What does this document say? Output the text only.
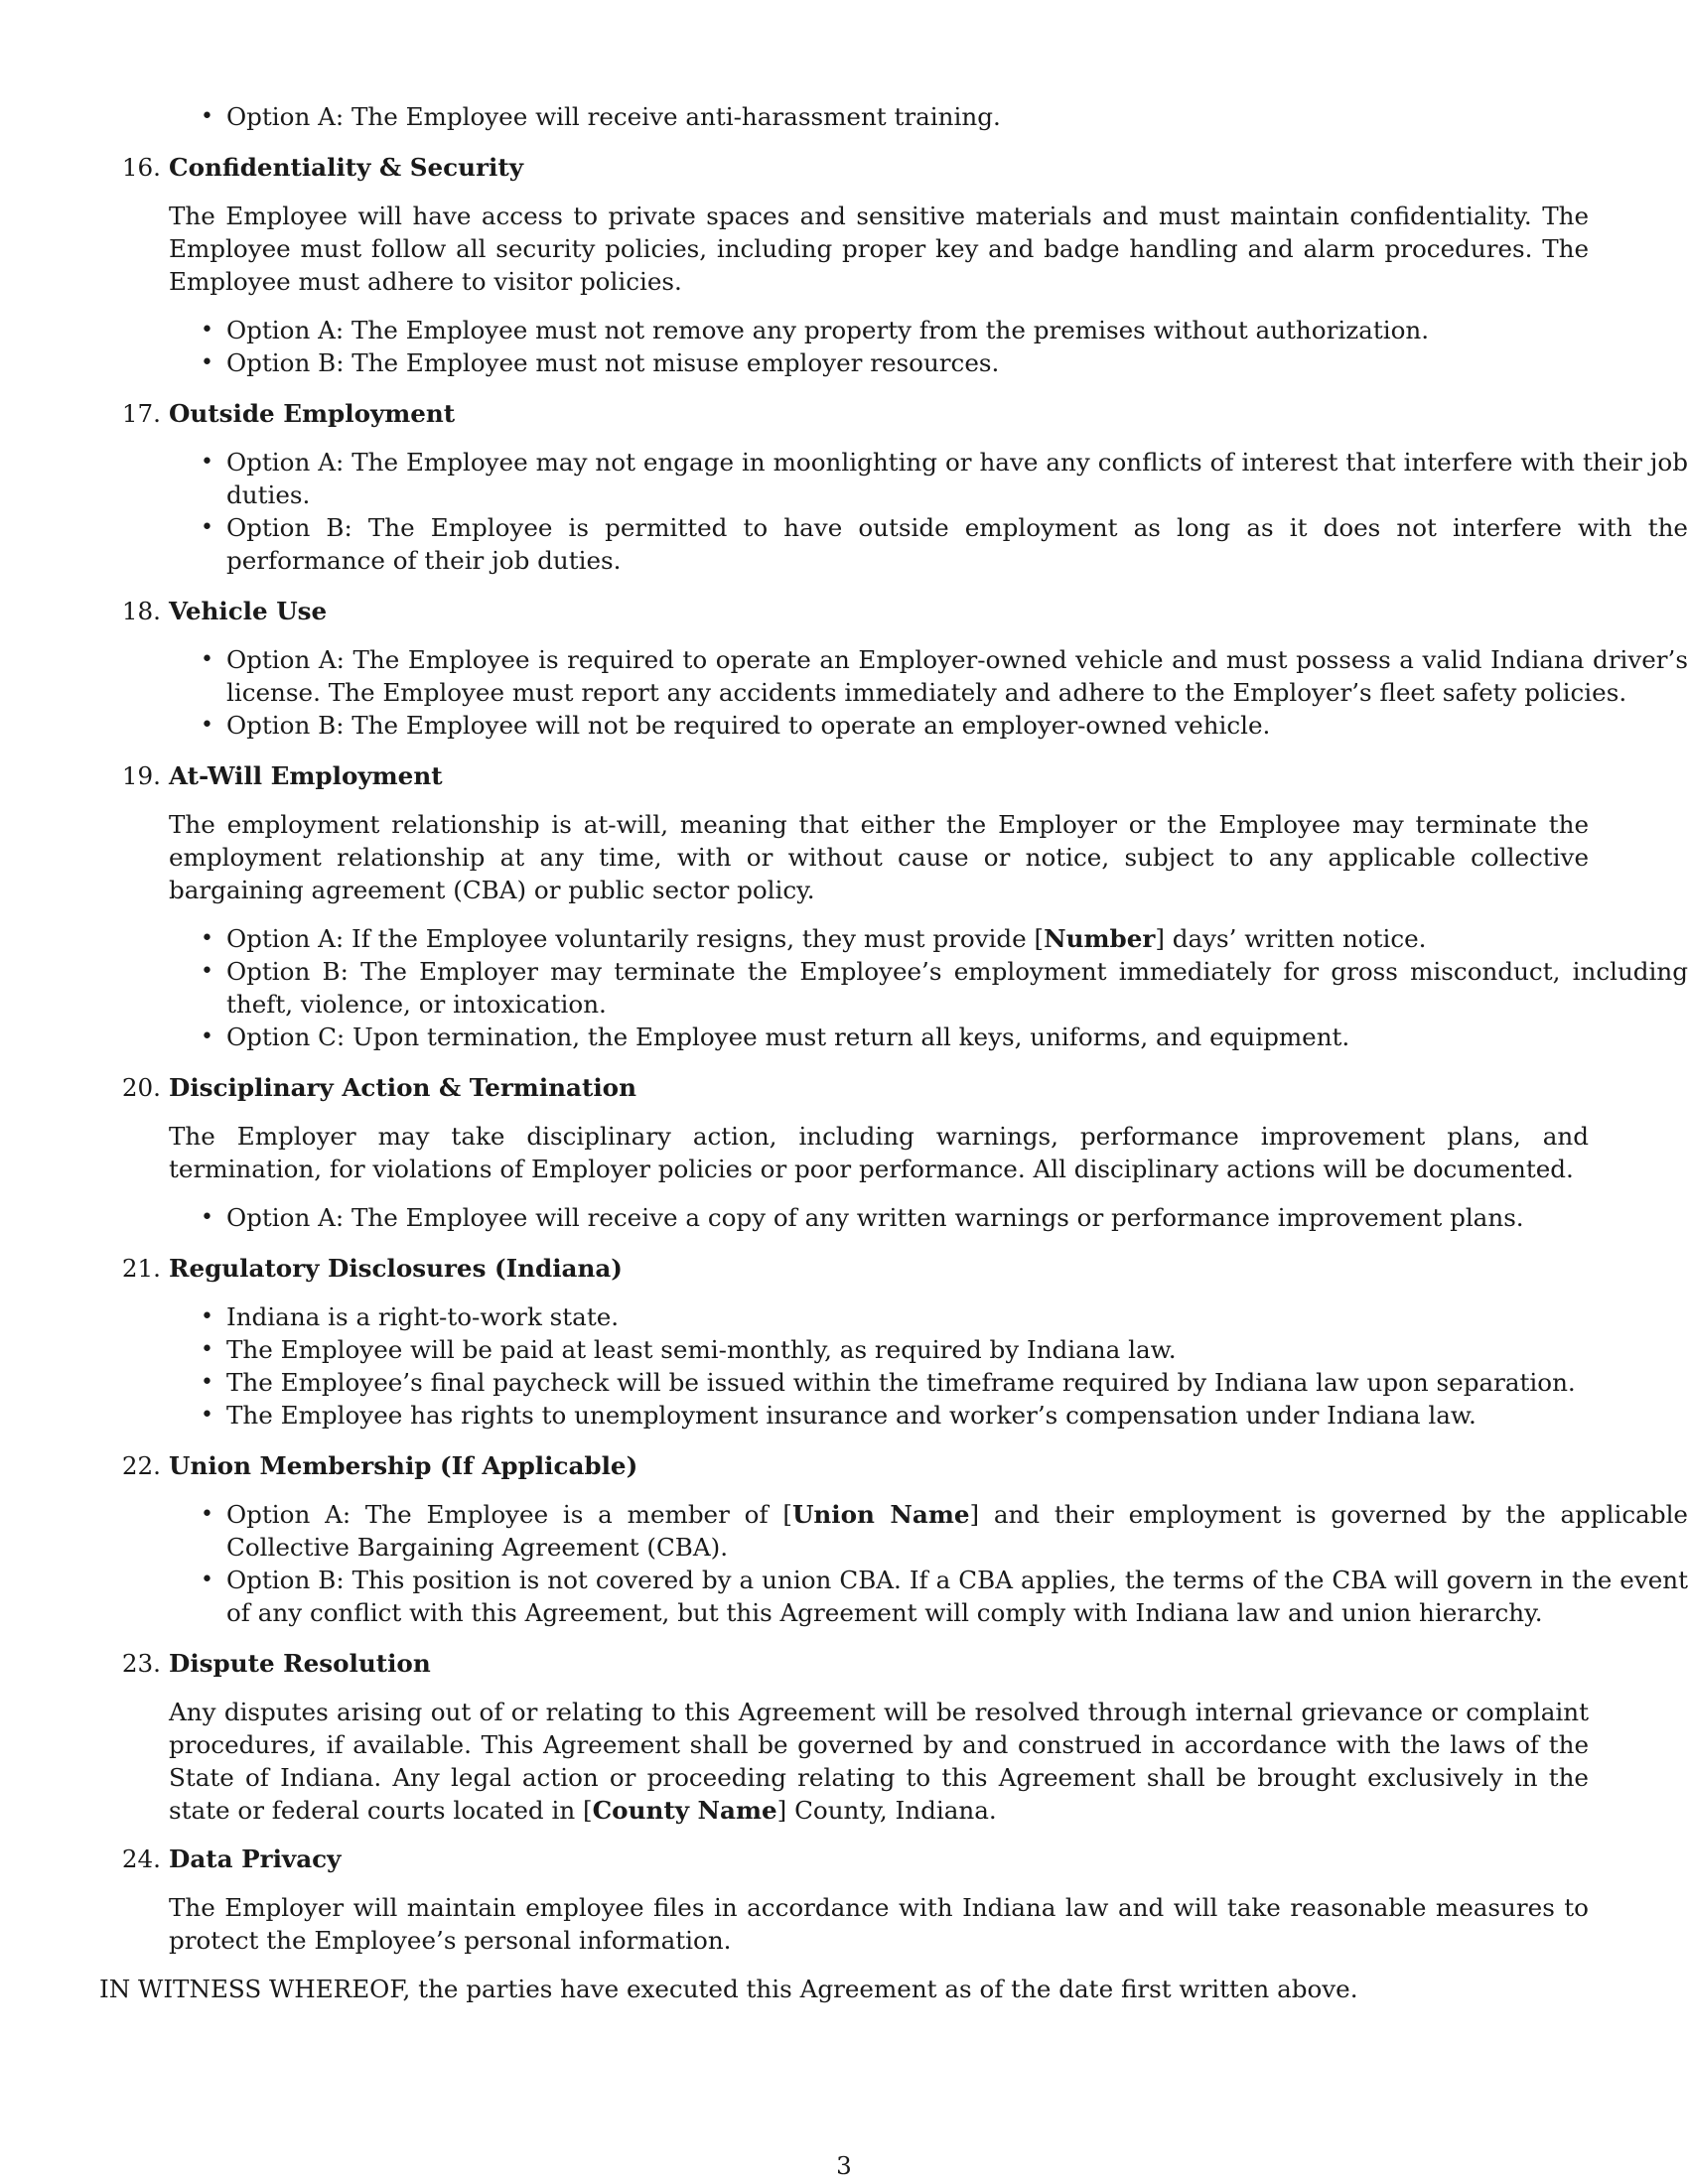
• Option A: The Employee will receive anti-harassment training.
16. Confidentiality & Security
The Employee will have access to private spaces and sensitive materials and must maintain confidentiality. The Employee must follow all security policies, including proper key and badge handling and alarm procedures. The Employee must adhere to visitor policies.
• Option A: The Employee must not remove any property from the premises without authorization.
• Option B: The Employee must not misuse employer resources.
17. Outside Employment
• Option A: The Employee may not engage in moonlighting or have any conflicts of interest that interfere with their job duties.
• Option B: The Employee is permitted to have outside employment as long as it does not interfere with the performance of their job duties.
18. Vehicle Use
• Option A: The Employee is required to operate an Employer-owned vehicle and must possess a valid Indiana driver’s license. The Employee must report any accidents immediately and adhere to the Employer’s fleet safety policies.
• Option B: The Employee will not be required to operate an employer-owned vehicle.
19. At-Will Employment
The employment relationship is at-will, meaning that either the Employer or the Employee may terminate the employment relationship at any time, with or without cause or notice, subject to any applicable collective bargaining agreement (CBA) or public sector policy.
• Option A: If the Employee voluntarily resigns, they must provide [Number] days’ written notice.
• Option B: The Employer may terminate the Employee’s employment immediately for gross misconduct, including theft, violence, or intoxication.
• Option C: Upon termination, the Employee must return all keys, uniforms, and equipment.
20. Disciplinary Action & Termination
The Employer may take disciplinary action, including warnings, performance improvement plans, and termination, for violations of Employer policies or poor performance. All disciplinary actions will be documented.
• Option A: The Employee will receive a copy of any written warnings or performance improvement plans.
21. Regulatory Disclosures (Indiana)
• Indiana is a right-to-work state.
• The Employee will be paid at least semi-monthly, as required by Indiana law.
• The Employee’s final paycheck will be issued within the timeframe required by Indiana law upon separation.
• The Employee has rights to unemployment insurance and worker’s compensation under Indiana law.
22. Union Membership (If Applicable)
• Option A: The Employee is a member of [Union Name] and their employment is governed by the applicable Collective Bargaining Agreement (CBA).
• Option B: This position is not covered by a union CBA. If a CBA applies, the terms of the CBA will govern in the event of any conflict with this Agreement, but this Agreement will comply with Indiana law and union hierarchy.
23. Dispute Resolution
Any disputes arising out of or relating to this Agreement will be resolved through internal grievance or complaint procedures, if available. This Agreement shall be governed by and construed in accordance with the laws of the State of Indiana. Any legal action or proceeding relating to this Agreement shall be brought exclusively in the state or federal courts located in [County Name] County, Indiana.
24. Data Privacy
The Employer will maintain employee files in accordance with Indiana law and will take reasonable measures to protect the Employee’s personal information.
IN WITNESS WHEREOF, the parties have executed this Agreement as of the date first written above.
3
